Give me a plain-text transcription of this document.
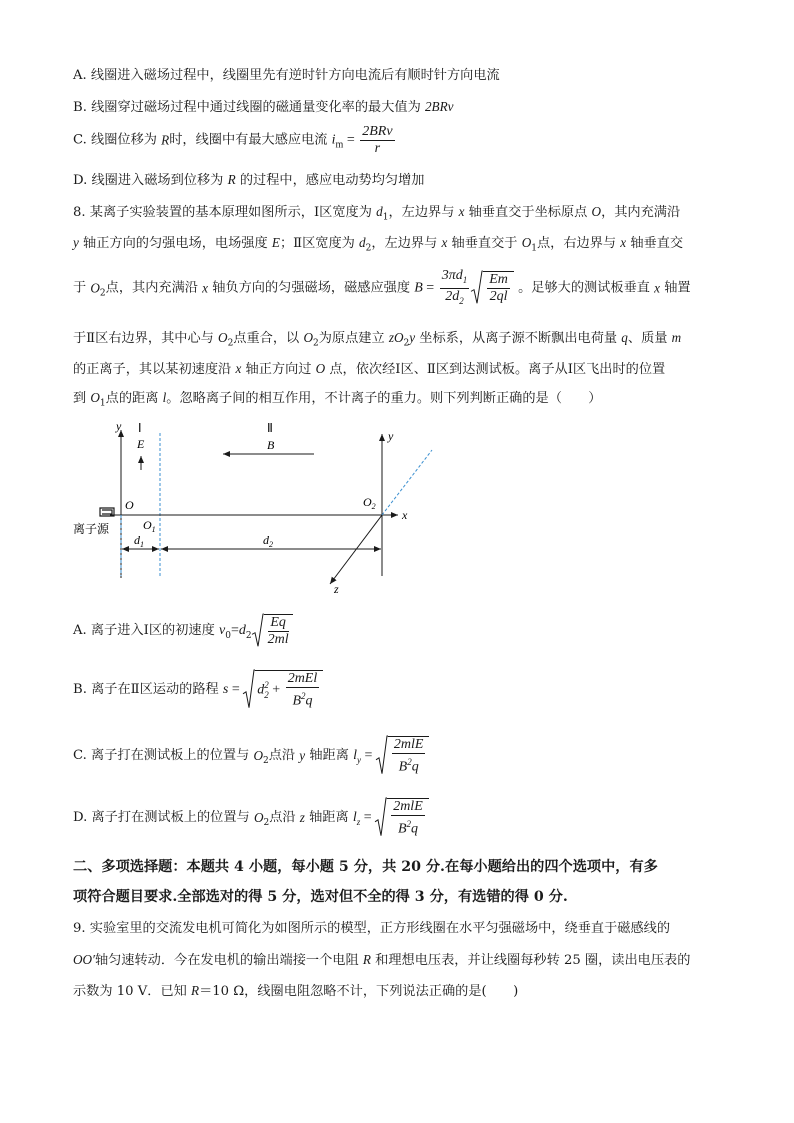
A. 线圈进入磁场过程中，线圈里先有逆时针方向电流后有顺时针方向电流
B. 线圈穿过磁场过程中通过线圈的磁通量变化率的最大值为 2BRv
C. 线圈位移为 R时，线圈中有最大感应电流 $i_m = \frac{\text{2BRv}}{r}$
D. 线圈进入磁场到位移为 R 的过程中，感应电动势均匀增加
8. 某离子实验装置的基本原理如图所示，Ⅰ区宽度为 $d_1$，左边界与 x 轴垂直交于坐标原点 O，其内充满沿
y 轴正方向的匀强电场，电场强度 E；Ⅱ区宽度为 $d_2$，左边界与 x 轴垂直交于 $O_1$点，右边界与 x 轴垂直交
于 $O_2$点，其内充满沿 x 轴负方向的匀强磁场，磁感应强度 $B = \frac{3\pi d_1}{2d_2} \frac{Em}{2ql}$ 。足够大的测试板垂直 x 轴置
于Ⅱ区右边界，其中心与 $O_2$点重合，以 $O_2$为原点建立 $zO_2y$ 坐标系，从离子源不断飘出电荷量 q、质量 m
的正离子，其以某初速度沿 x 轴正方向过 O 点，依次经Ⅰ区、Ⅱ区到达测试板。离子从Ⅰ区飞出时的位置
到 $O_1$点的距离 l。忽略离子间的相互作用，不计离子的重力。则下列判断正确的是（　　）
y Ⅰ
E
Ⅱ
B
y
x
离子源
O
$O_1$
$O_2$
z
$d_1$	$d_2$
A. 离子进入Ⅰ区的初速度 $v_0=d_2 \frac{Eq}{2ml}$
B. 离子在Ⅱ区运动的路程 s =
d 2
$2 + \frac{\text{2mEl}}{B^2q}$
C. 离子打在测试板上的位置与 $O_2$点沿 y 轴距离 $l_y = \frac{\text{2mlE}}{B^2q}$
D. 离子打在测试板上的位置与 $O_2$点沿 z 轴距离 $l_z = \frac{\text{2mlE}}{B^2q}$
二、多项选择题：本题共 4 小题，每小题 5 分，共 20 分.在每小题给出的四个选项中，有多
项符合题目要求.全部选对的得 5 分，选对但不全的得 3 分，有选错的得 0 分.
9. 实验室里的交流发电机可简化为如图所示的模型，正方形线圈在水平匀强磁场中，绕垂直于磁感线的
OO′轴匀速转动．今在发电机的输出端接一个电阻 R 和理想电压表，并让线圈每秒转 25 圈，读出电压表的
示数为 10 V．已知 R＝10 Ω，线圈电阻忽略不计，下列说法正确的是(　　)
